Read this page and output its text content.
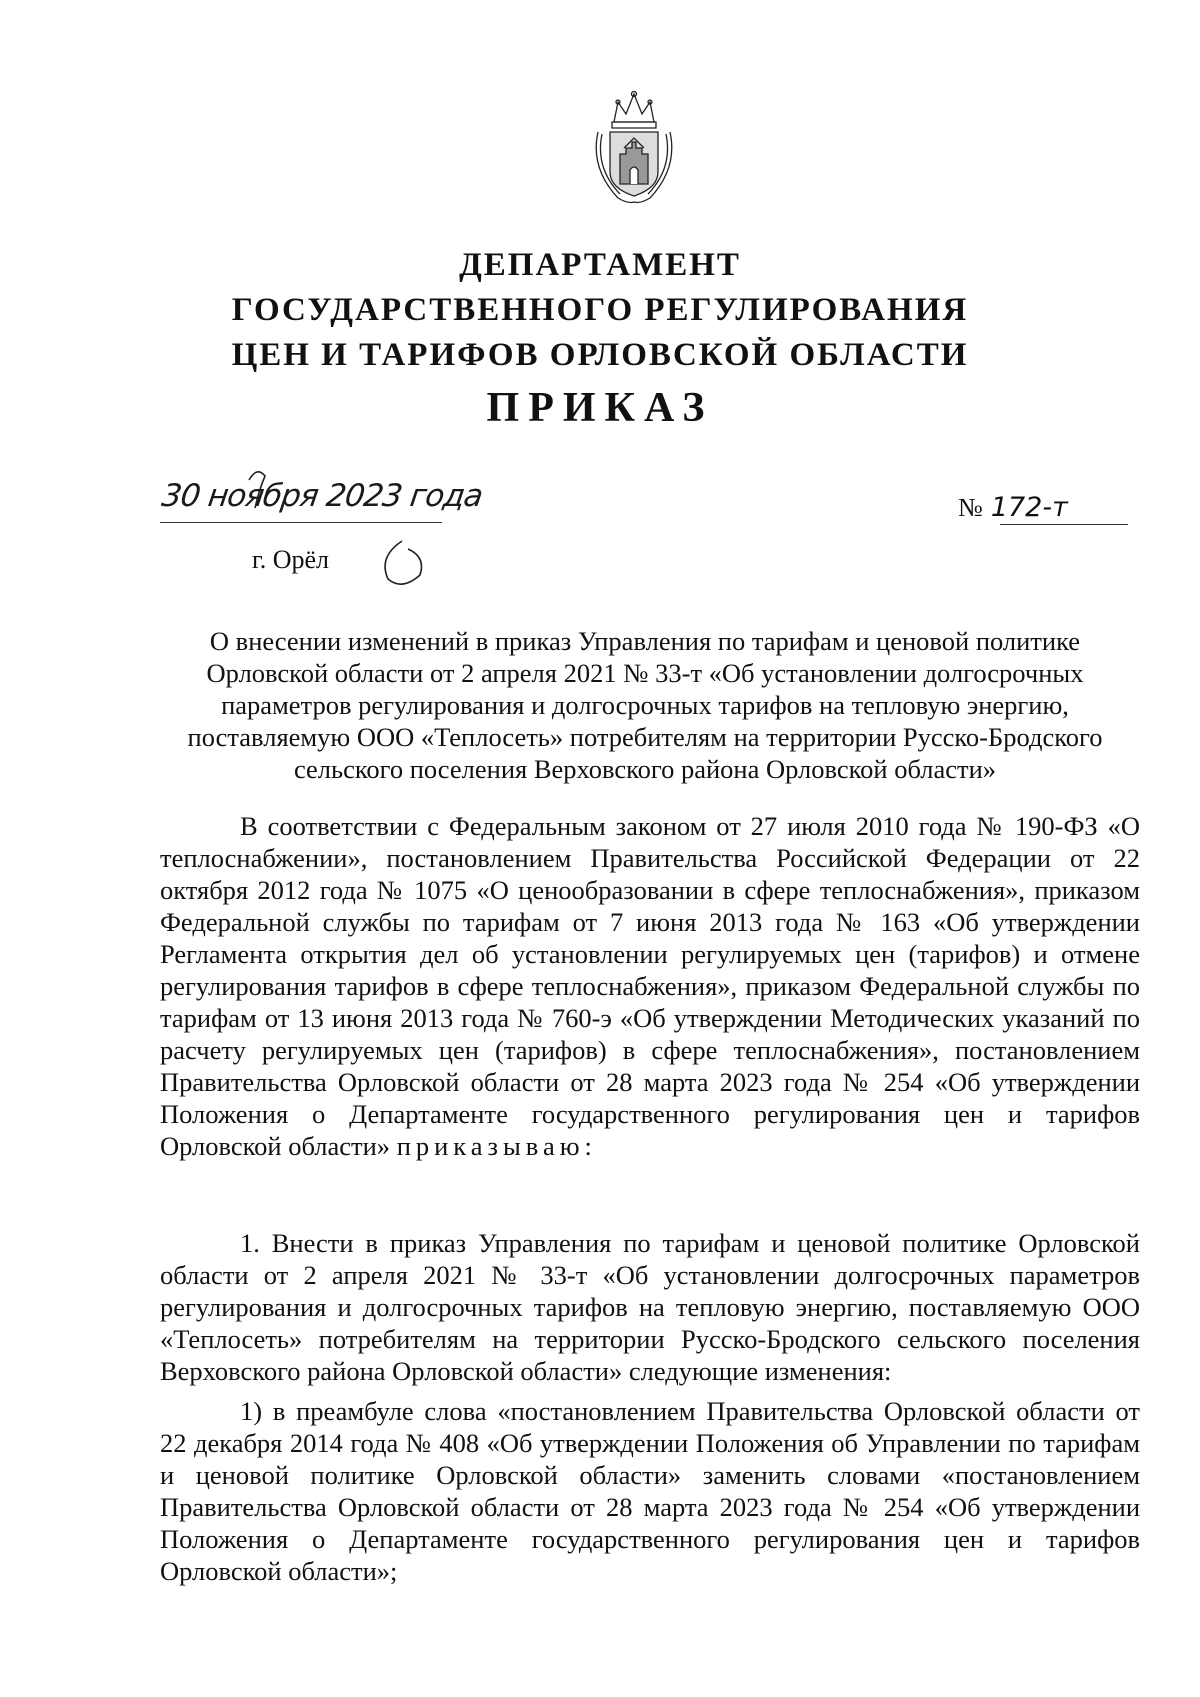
ДЕПАРТАМЕНТ
ГОСУДАРСТВЕННОГО РЕГУЛИРОВАНИЯ
ЦЕН И ТАРИФОВ ОРЛОВСКОЙ ОБЛАСТИ
ПРИКАЗ
30 ноября 2023 года	№ 172-т
г. Орёл
О внесении изменений в приказ Управления по тарифам и ценовой политике Орловской области от 2 апреля 2021 № 33-т «Об установлении долгосрочных параметров регулирования и долгосрочных тарифов на тепловую энергию, поставляемую ООО «Теплосеть» потребителям на территории Русско-Бродского сельского поселения Верховского района Орловской области»

В соответствии с Федеральным законом от 27 июля 2010 года № 190-ФЗ «О теплоснабжении», постановлением Правительства Российской Федерации от 22 октября 2012 года № 1075 «О ценообразовании в сфере теплоснабжения», приказом Федеральной службы по тарифам от 7 июня 2013 года № 163 «Об утверждении Регламента открытия дел об установлении регулируемых цен (тарифов) и отмене регулирования тарифов в сфере теплоснабжения», приказом Федеральной службы по тарифам от 13 июня 2013 года № 760-э «Об утверждении Методических указаний по расчету регулируемых цен (тарифов) в сфере теплоснабжения», постановлением Правительства Орловской области от 28 марта 2023 года № 254 «Об утверждении Положения о Департаменте государственного регулирования цен и тарифов Орловской области» приказываю:

1. Внести в приказ Управления по тарифам и ценовой политике Орловской области от 2 апреля 2021 № 33-т «Об установлении долгосрочных параметров регулирования и долгосрочных тарифов на тепловую энергию, поставляемую ООО «Теплосеть» потребителям на территории Русско-Бродского сельского поселения Верховского района Орловской области» следующие изменения:

1) в преамбуле слова «постановлением Правительства Орловской области от 22 декабря 2014 года № 408 «Об утверждении Положения об Управлении по тарифам и ценовой политике Орловской области» заменить словами «постановлением Правительства Орловской области от 28 марта 2023 года № 254 «Об утверждении Положения о Департаменте государственного регулирования цен и тарифов Орловской области»;
